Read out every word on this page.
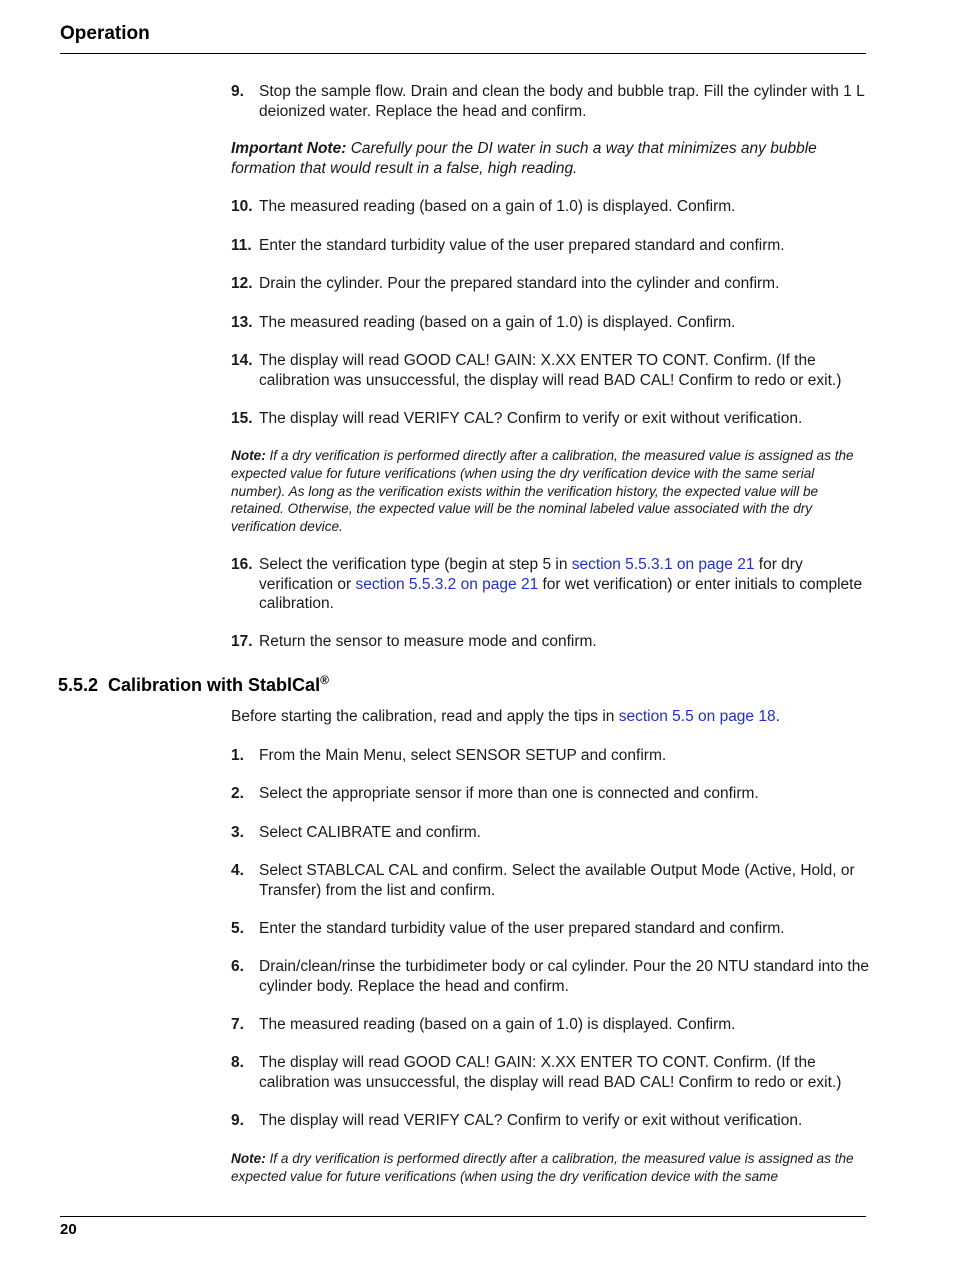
Operation
9. Stop the sample flow. Drain and clean the body and bubble trap. Fill the cylinder with 1 L deionized water. Replace the head and confirm.
Important Note: Carefully pour the DI water in such a way that minimizes any bubble formation that would result in a false, high reading.
10. The measured reading (based on a gain of 1.0) is displayed. Confirm.
11. Enter the standard turbidity value of the user prepared standard and confirm.
12. Drain the cylinder. Pour the prepared standard into the cylinder and confirm.
13. The measured reading (based on a gain of 1.0) is displayed. Confirm.
14. The display will read GOOD CAL! GAIN: X.XX ENTER TO CONT. Confirm. (If the calibration was unsuccessful, the display will read BAD CAL! Confirm to redo or exit.)
15. The display will read VERIFY CAL? Confirm to verify or exit without verification.
Note: If a dry verification is performed directly after a calibration, the measured value is assigned as the expected value for future verifications (when using the dry verification device with the same serial number). As long as the verification exists within the verification history, the expected value will be retained. Otherwise, the expected value will be the nominal labeled value associated with the dry verification device.
16. Select the verification type (begin at step 5 in section 5.5.3.1 on page 21 for dry verification or section 5.5.3.2 on page 21 for wet verification) or enter initials to complete calibration.
17. Return the sensor to measure mode and confirm.
5.5.2 Calibration with StablCal®
Before starting the calibration, read and apply the tips in section 5.5 on page 18.
1. From the Main Menu, select SENSOR SETUP and confirm.
2. Select the appropriate sensor if more than one is connected and confirm.
3. Select CALIBRATE and confirm.
4. Select STABLCAL CAL and confirm. Select the available Output Mode (Active, Hold, or Transfer) from the list and confirm.
5. Enter the standard turbidity value of the user prepared standard and confirm.
6. Drain/clean/rinse the turbidimeter body or cal cylinder. Pour the 20 NTU standard into the cylinder body. Replace the head and confirm.
7. The measured reading (based on a gain of 1.0) is displayed. Confirm.
8. The display will read GOOD CAL! GAIN: X.XX ENTER TO CONT. Confirm. (If the calibration was unsuccessful, the display will read BAD CAL! Confirm to redo or exit.)
9. The display will read VERIFY CAL? Confirm to verify or exit without verification.
Note: If a dry verification is performed directly after a calibration, the measured value is assigned as the expected value for future verifications (when using the dry verification device with the same
20
